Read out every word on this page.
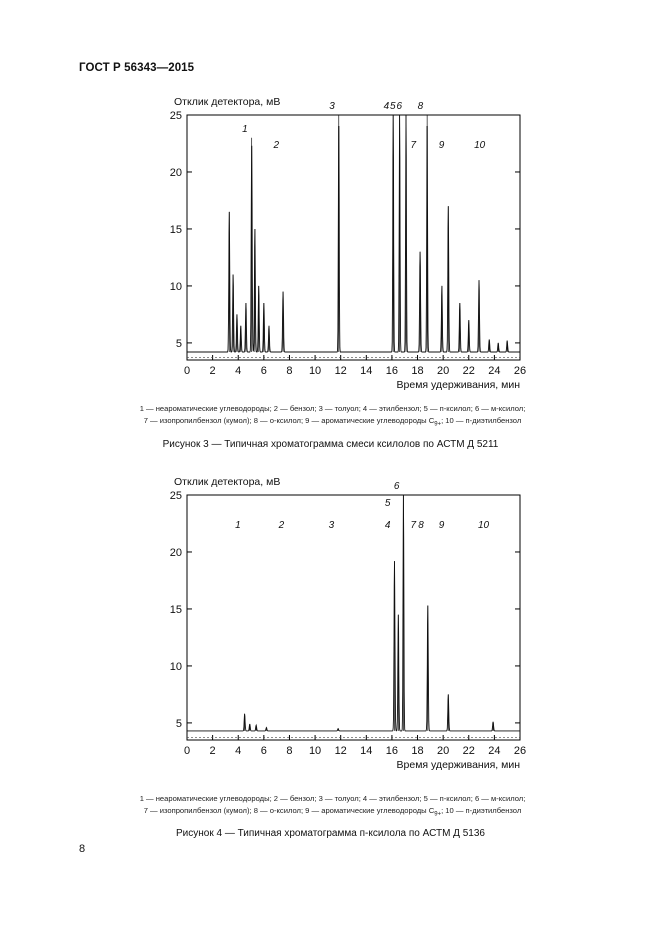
ГОСТ Р 56343—2015
5
10
15
20
25
0 2 4 6 8 10 12 14 16 18 20 22 24 26
Отклик детектора, мВ
Время удерживания, мин
1
2
3	4 5 6
7
8
9	10
1 — неароматические углеводороды; 2 — бензол; 3 — толуол; 4 — этилбензол; 5 — п-ксилол; 6 — м-ксилол;
7 — изопропилбензол (кумол); 8 — о-ксилол; 9 — ароматические углеводороды $C_{9+}$; 10 — п-диэтилбензол
Рисунок 3 — Типичная хроматограмма смеси ксилолов по АСТМ Д 5211
5
10
15
20
25
0 2 4 6 8 10 12 14 16 18 20 22 24 26
Отклик детектора, мВ
Время удерживания, мин
1	3	4
6
8 9	10
2	7
5
1 — неароматические углеводороды; 2 — бензол; 3 — толуол; 4 — этилбензол; 5 — п-ксилол; 6 — м-ксилол;
7 — изопропилбензол (кумол); 8 — о-ксилол; 9 — ароматические углеводороды $C_{9+}$; 10 — п-диэтилбензол
Рисунок 4 — Типичная хроматограмма п-ксилола по АСТМ Д 5136
8
